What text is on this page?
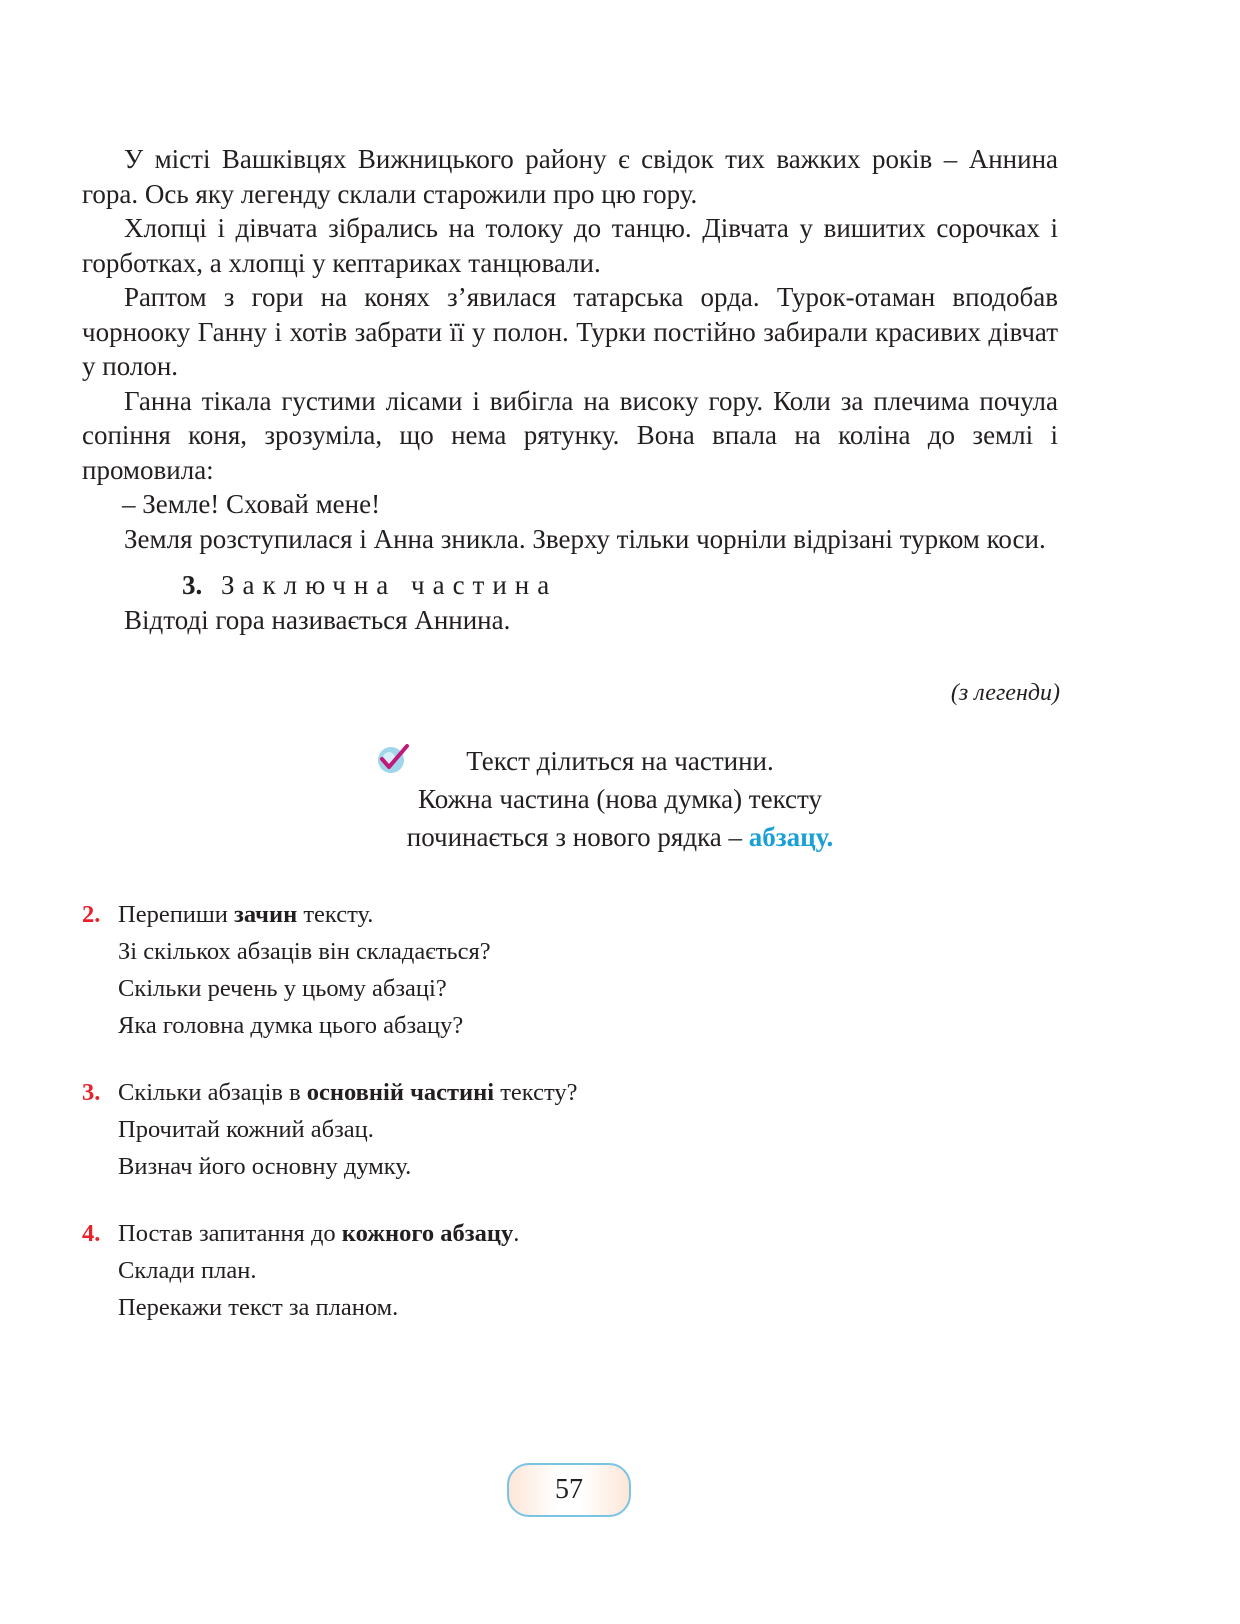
У місті Вашківцях Вижницького району є свідок тих важких років – Аннина гора. Ось яку легенду склали старожили про цю гору.

Хлопці і дівчата зібрались на толоку до танцю. Дівчата у вишитих сорочках і горботках, а хлопці у кептариках танцювали.

Раптом з гори на конях з’явилася татарська орда. Турок-отаман вподобав чорнооку Ганну і хотів забрати її у полон. Турки постійно забирали красивих дівчат у полон.

Ганна тікала густими лісами і вибігла на високу гору. Коли за плечима почула сопіння коня, зрозуміла, що нема рятунку. Вона впала на коліна до землі і промовила:

– Земле! Сховай мене!

Земля розступилася і Анна зникла. Зверху тільки чорніли відрізані турком коси.

3. Заключна частина

Відтоді гора називається Аннина.

(з легенди)
Текст ділиться на частини.
Кожна частина (нова думка) тексту
починається з нового рядка – абзацу.
2. Перепиши зачин тексту.
Зі скількох абзаців він складається?
Скільки речень у цьому абзаці?
Яка головна думка цього абзацу?
3. Скільки абзаців в основній частині тексту?
Прочитай кожний абзац.
Визнач його основну думку.
4. Постав запитання до кожного абзацу.
Склади план.
Перекажи текст за планом.
57
